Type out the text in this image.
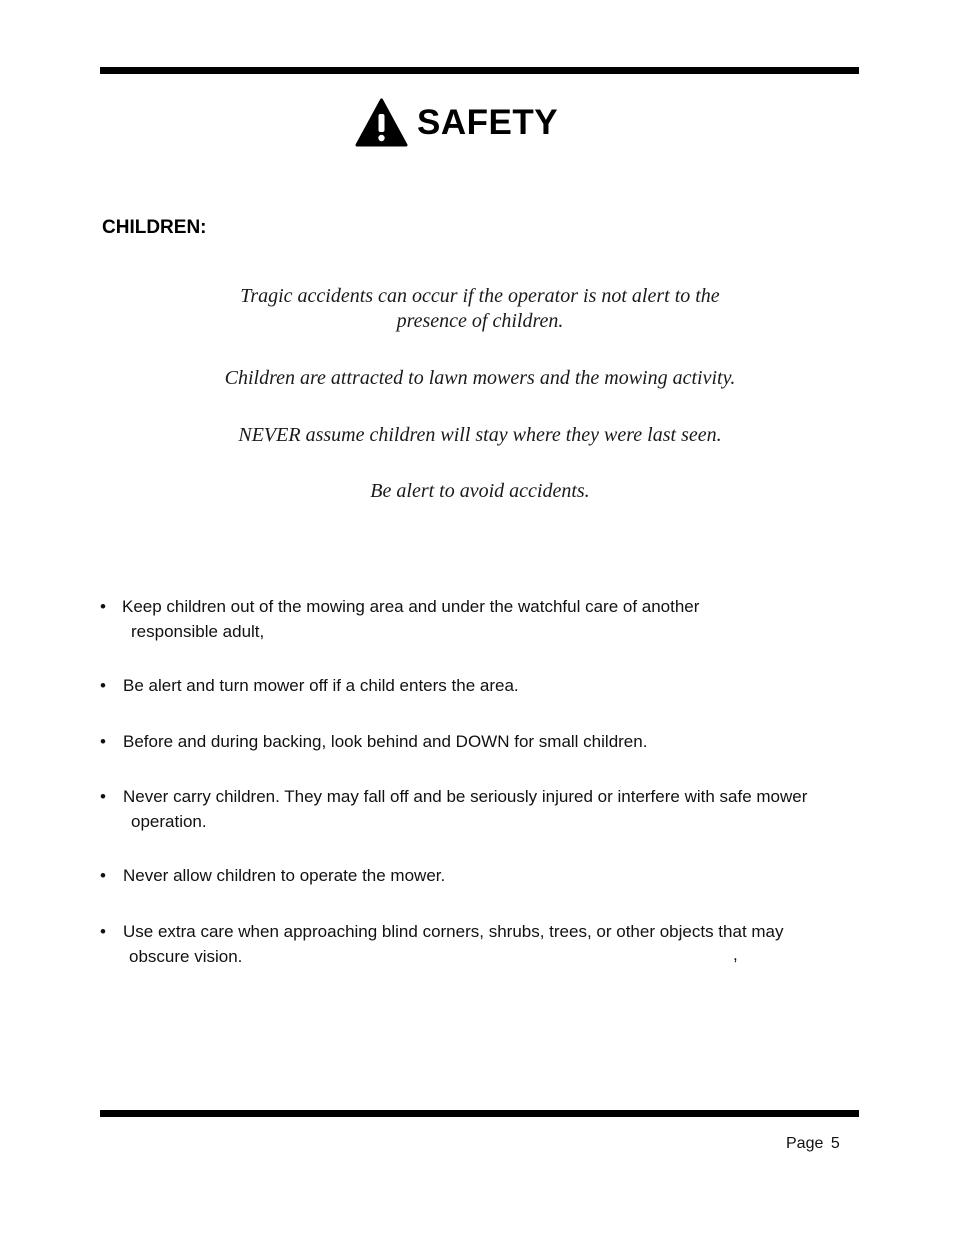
SAFETY
CHILDREN:
Tragic accidents can occur if the operator is not alert to the
presence of children.
Children are attracted to lawn mowers and the mowing activity.
NEVER assume children will stay where they were last seen.
Be alert to avoid accidents.
• Keep children out of the mowing area and under the watchful care of another
responsible adult,
•	Be alert and turn mower off if a child enters the area.
•	Before and during backing, look behind and DOWN for small children.
•	Never carry children. They may fall off and be seriously injured or interfere with safe mower
operation.
•	Never allow children to operate the mower.
•	Use extra care when approaching blind corners, shrubs, trees, or other objects that may
obscure vision.	,
Page 5
